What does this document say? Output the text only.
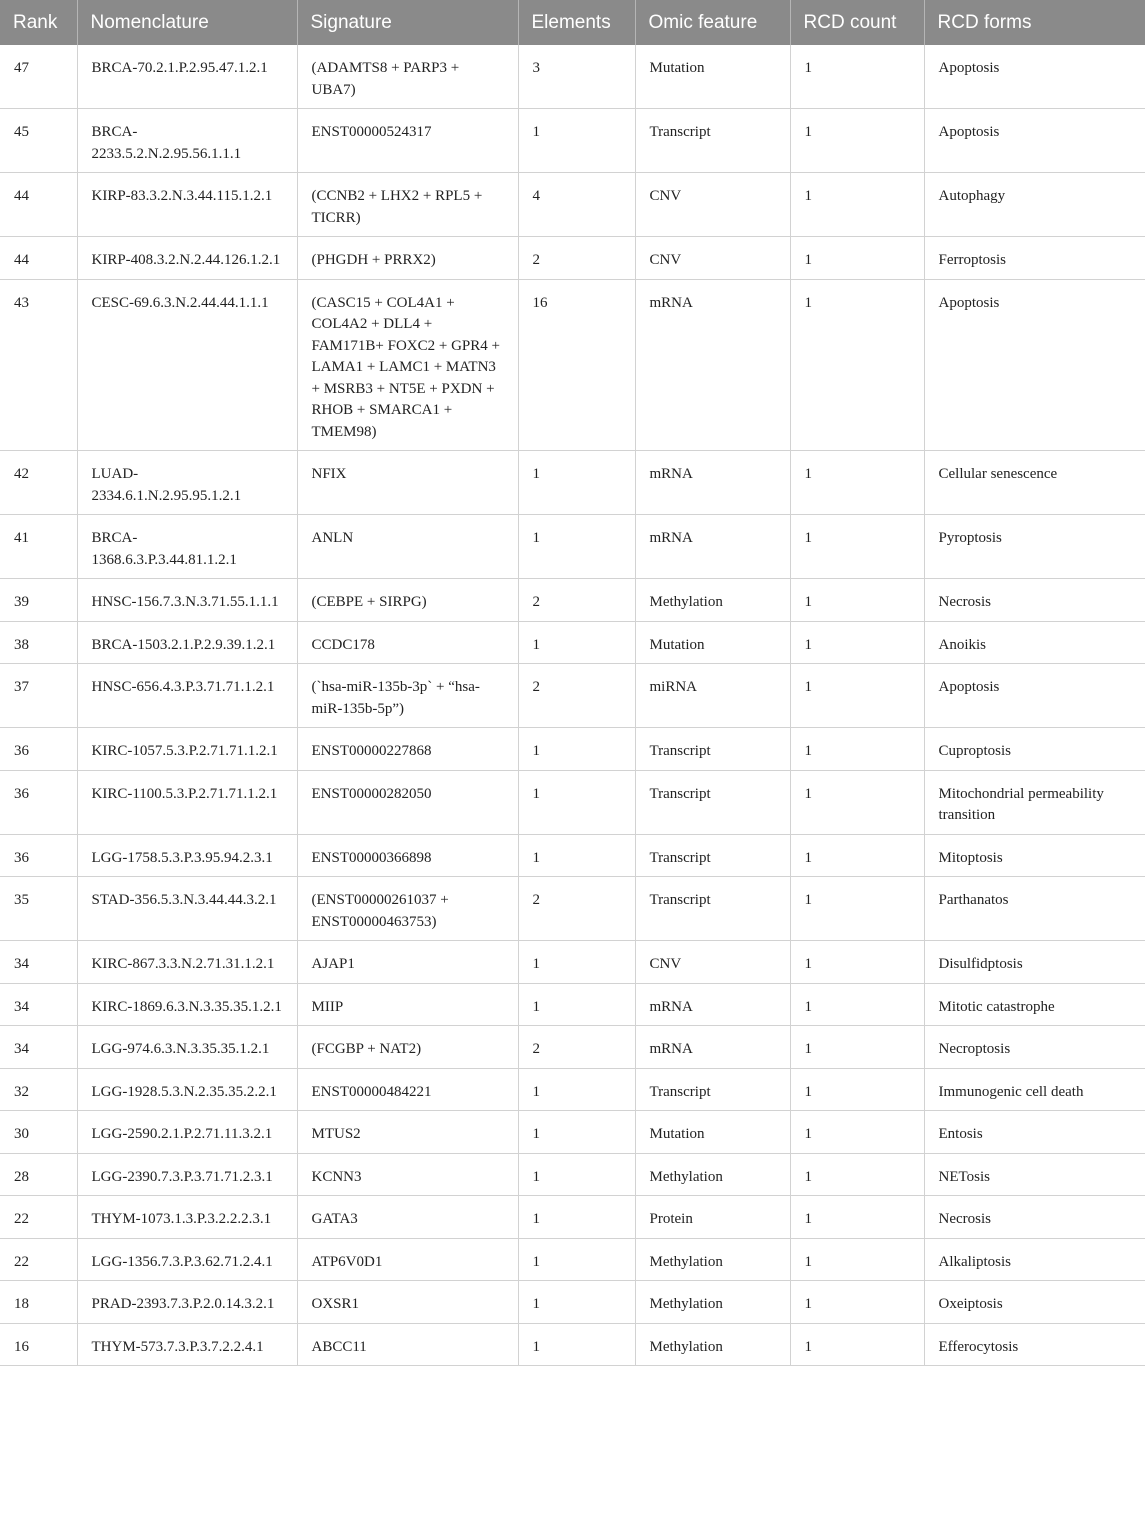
Rank	Nomenclature	Signature	Elements	Omic feature	RCD count	RCD forms
47	BRCA-70.2.1.P.2.95.47.1.2.1	(ADAMTS8 + PARP3 + UBA7)	3	Mutation	1	Apoptosis
45	BRCA-2233.5.2.N.2.95.56.1.1.1	ENST00000524317	1	Transcript	1	Apoptosis
44	KIRP-83.3.2.N.3.44.115.1.2.1	(CCNB2 + LHX2 + RPL5 + TICRR)	4	CNV	1	Autophagy
44	KIRP-408.3.2.N.2.44.126.1.2.1	(PHGDH + PRRX2)	2	CNV	1	Ferroptosis
43	CESC-69.6.3.N.2.44.44.1.1.1	(CASC15 + COL4A1 + COL4A2 + DLL4 + FAM171B+ FOXC2 + GPR4 + LAMA1 + LAMC1 + MATN3 + MSRB3 + NT5E + PXDN + RHOB + SMARCA1 + TMEM98)	16	mRNA	1	Apoptosis
42	LUAD-2334.6.1.N.2.95.95.1.2.1	NFIX	1	mRNA	1	Cellular senescence
41	BRCA-1368.6.3.P.3.44.81.1.2.1	ANLN	1	mRNA	1	Pyroptosis
39	HNSC-156.7.3.N.3.71.55.1.1.1	(CEBPE + SIRPG)	2	Methylation	1	Necrosis
38	BRCA-1503.2.1.P.2.9.39.1.2.1	CCDC178	1	Mutation	1	Anoikis
37	HNSC-656.4.3.P.3.71.71.1.2.1	(`hsa-miR-135b-3p` + “hsa-miR-135b-5p”)	2	miRNA	1	Apoptosis
36	KIRC-1057.5.3.P.2.71.71.1.2.1	ENST00000227868	1	Transcript	1	Cuproptosis
36	KIRC-1100.5.3.P.2.71.71.1.2.1	ENST00000282050	1	Transcript	1	Mitochondrial permeability transition
36	LGG-1758.5.3.P.3.95.94.2.3.1	ENST00000366898	1	Transcript	1	Mitoptosis
35	STAD-356.5.3.N.3.44.44.3.2.1	(ENST00000261037 + ENST00000463753)	2	Transcript	1	Parthanatos
34	KIRC-867.3.3.N.2.71.31.1.2.1	AJAP1	1	CNV	1	Disulfidptosis
34	KIRC-1869.6.3.N.3.35.35.1.2.1	MIIP	1	mRNA	1	Mitotic catastrophe
34	LGG-974.6.3.N.3.35.35.1.2.1	(FCGBP + NAT2)	2	mRNA	1	Necroptosis
32	LGG-1928.5.3.N.2.35.35.2.2.1	ENST00000484221	1	Transcript	1	Immunogenic cell death
30	LGG-2590.2.1.P.2.71.11.3.2.1	MTUS2	1	Mutation	1	Entosis
28	LGG-2390.7.3.P.3.71.71.2.3.1	KCNN3	1	Methylation	1	NETosis
22	THYM-1073.1.3.P.3.2.2.2.3.1	GATA3	1	Protein	1	Necrosis
22	LGG-1356.7.3.P.3.62.71.2.4.1	ATP6V0D1	1	Methylation	1	Alkaliptosis
18	PRAD-2393.7.3.P.2.0.14.3.2.1	OXSR1	1	Methylation	1	Oxeiptosis
16	THYM-573.7.3.P.3.7.2.2.4.1	ABCC11	1	Methylation	1	Efferocytosis
